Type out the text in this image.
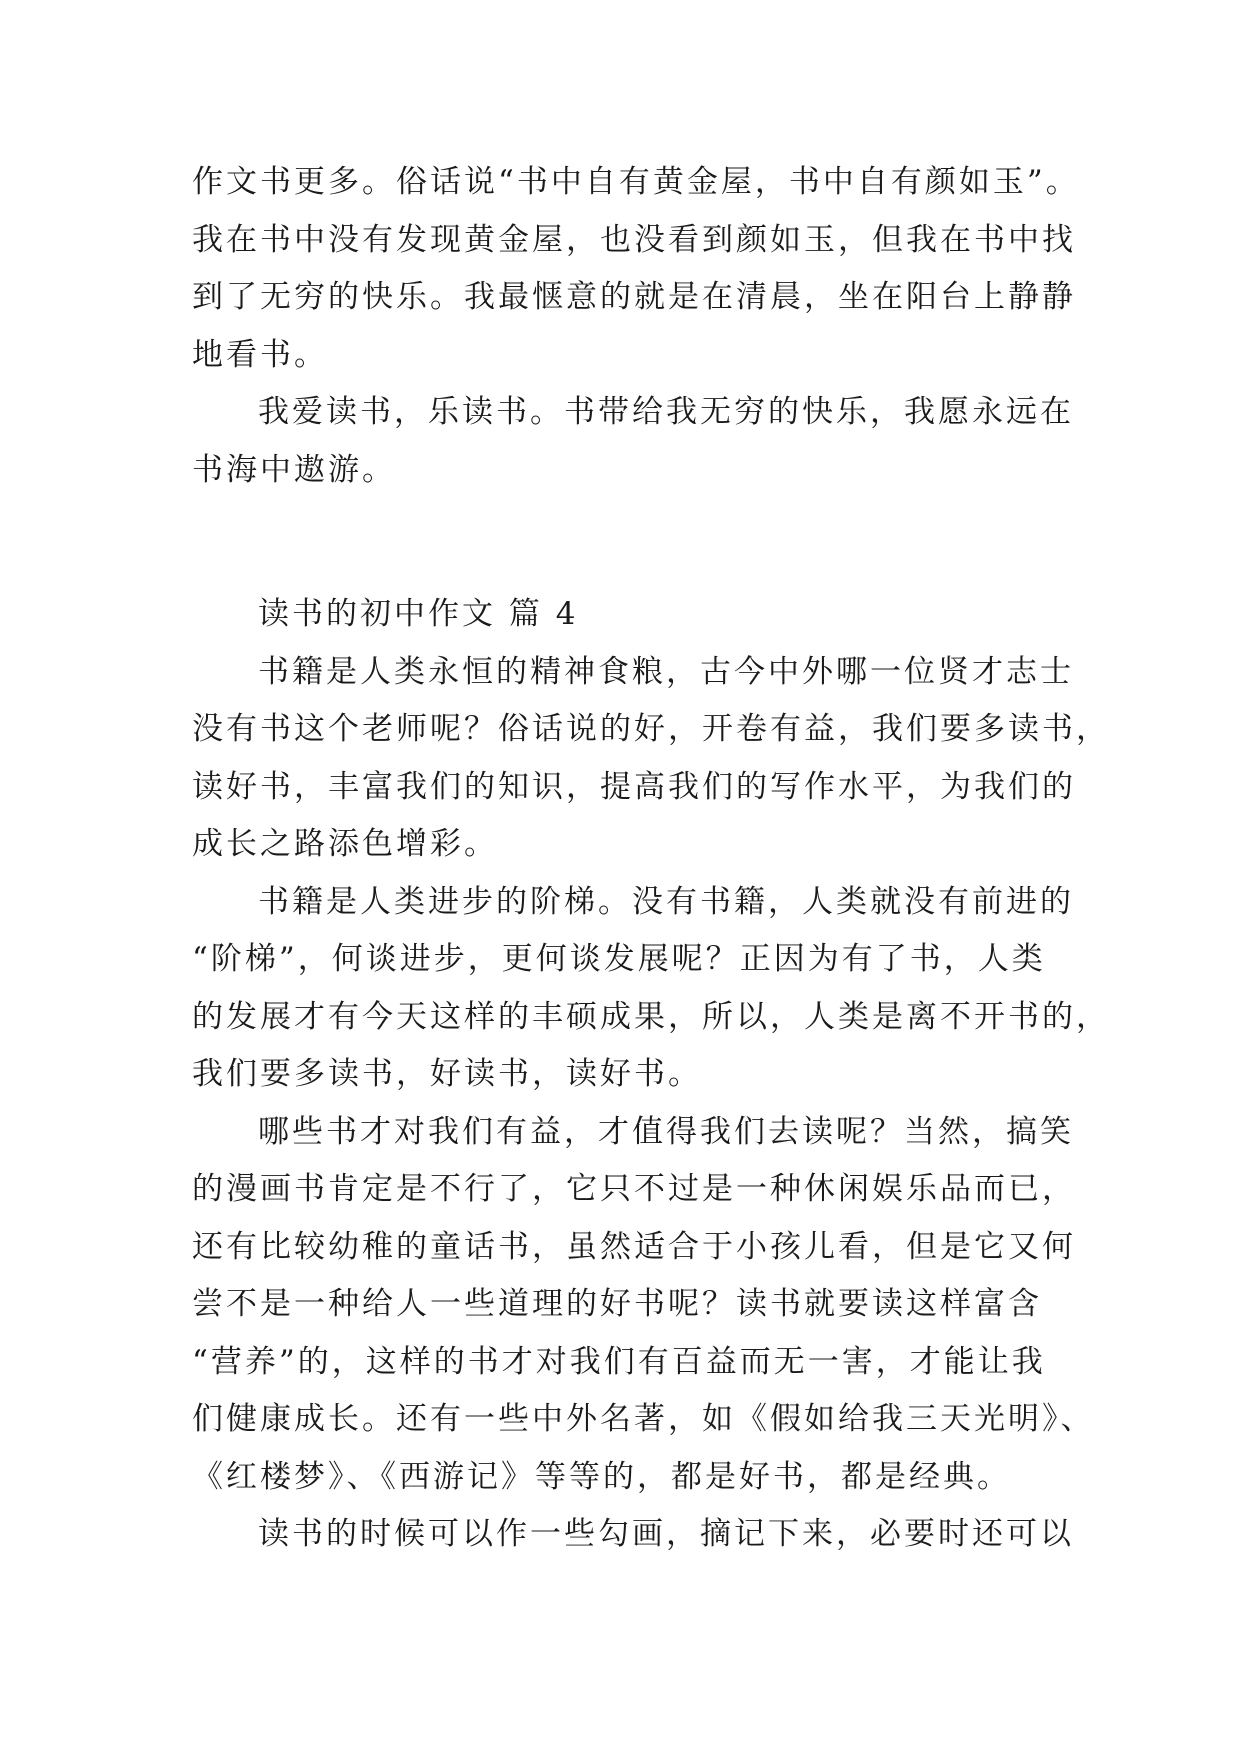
作文书更多。俗话说“书中自有黄金屋，书中自有颜如玉”。
我在书中没有发现黄金屋，也没看到颜如玉，但我在书中找
到了无穷的快乐。我最惬意的就是在清晨，坐在阳台上静静
地看书。
我爱读书，乐读书。书带给我无穷的快乐，我愿永远在
书海中遨游。
读书的初中作文 篇 4
书籍是人类永恒的精神食粮，古今中外哪一位贤才志士
没有书这个老师呢？俗话说的好，开卷有益，我们要多读书，
读好书，丰富我们的知识，提高我们的写作水平，为我们的
成长之路添色增彩。
书籍是人类进步的阶梯。没有书籍，人类就没有前进的
“阶梯”，何谈进步，更何谈发展呢？正因为有了书，人类
的发展才有今天这样的丰硕成果，所以，人类是离不开书的，
我们要多读书，好读书，读好书。
哪些书才对我们有益，才值得我们去读呢？当然，搞笑
的漫画书肯定是不行了，它只不过是一种休闲娱乐品而已，
还有比较幼稚的童话书，虽然适合于小孩儿看，但是它又何
尝不是一种给人一些道理的好书呢？读书就要读这样富含
“营养”的，这样的书才对我们有百益而无一害，才能让我
们健康成长。还有一些中外名著，如《假如给我三天光明》、
《红楼梦》、《西游记》等等的，都是好书，都是经典。
读书的时候可以作一些勾画，摘记下来，必要时还可以
